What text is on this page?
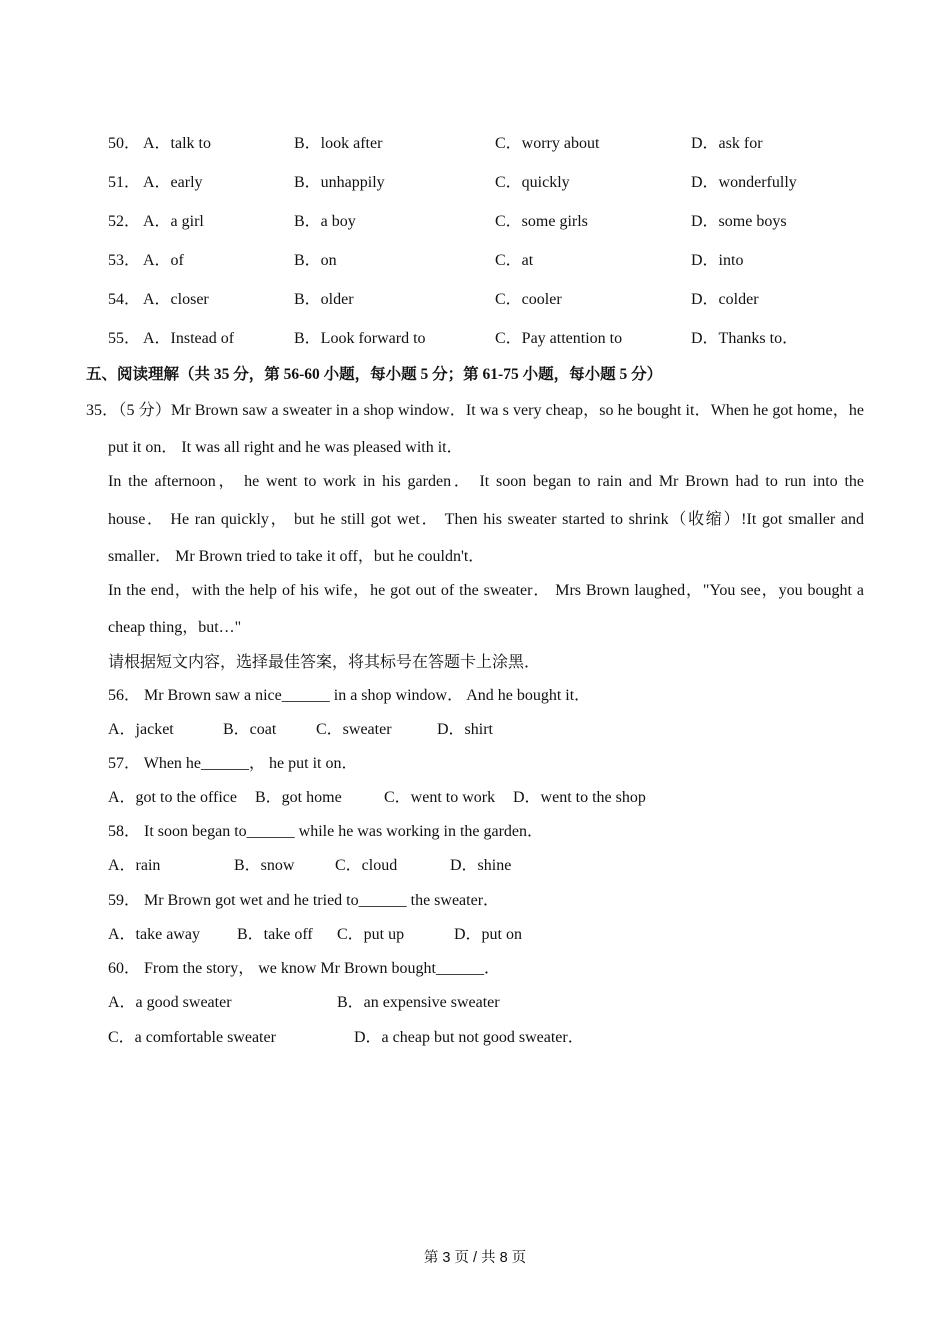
50． A．talk to	B．look after	C．worry about	D．ask for
51． A．early	B．unhappily	C．quickly	D．wonderfully
52． A．a girl	B．a boy	C．some girls	D．some boys
53． A．of	B．on	C．at	D．into
54． A．closer	B．older	C．cooler	D．colder
55． A．Instead of	B．Look forward to	C．Pay attention to	D．Thanks to．
五、阅读理解（共 35 分，第 56-60 小题，每小题 5 分；第 61-75 小题，每小题 5 分）
35．（5 分）Mr Brown saw a sweater in a shop window．It wa s very cheap，so he bought it．When he got home，he
put it on． It was all right and he was pleased with it．
In the afternoon， he went to work in his garden． It soon began to rain and Mr Brown had to run into the
house． He ran quickly， but he still got wet． Then his sweater started to shrink（收缩）!It got smaller and
smaller． Mr Brown tried to take it off，but he couldn't．
In the end，with the help of his wife，he got out of the sweater． Mrs Brown laughed，"You see，you bought a
cheap thing，but…"
请根据短文内容，选择最佳答案，将其标号在答题卡上涂黑．
56． Mr Brown saw a nice______ in a shop window． And he bought it．
A．jacket	B．coat C．sweater	D．shirt
57． When he______， he put it on．
A．got to the office B．got home	C．went to work D．went to the shop
58． It soon began to______ while he was working in the garden．
A．rain	B．snow	C．cloud	D．shine
59． Mr Brown got wet and he tried to______ the sweater．
A．take away B．take off C．put up	D．put on
60． From the story， we know Mr Brown bought______．
A．a good sweater	B．an expensive sweater
C．a comfortable sweater	D．a cheap but not good sweater．
第 3 页 / 共 8 页
